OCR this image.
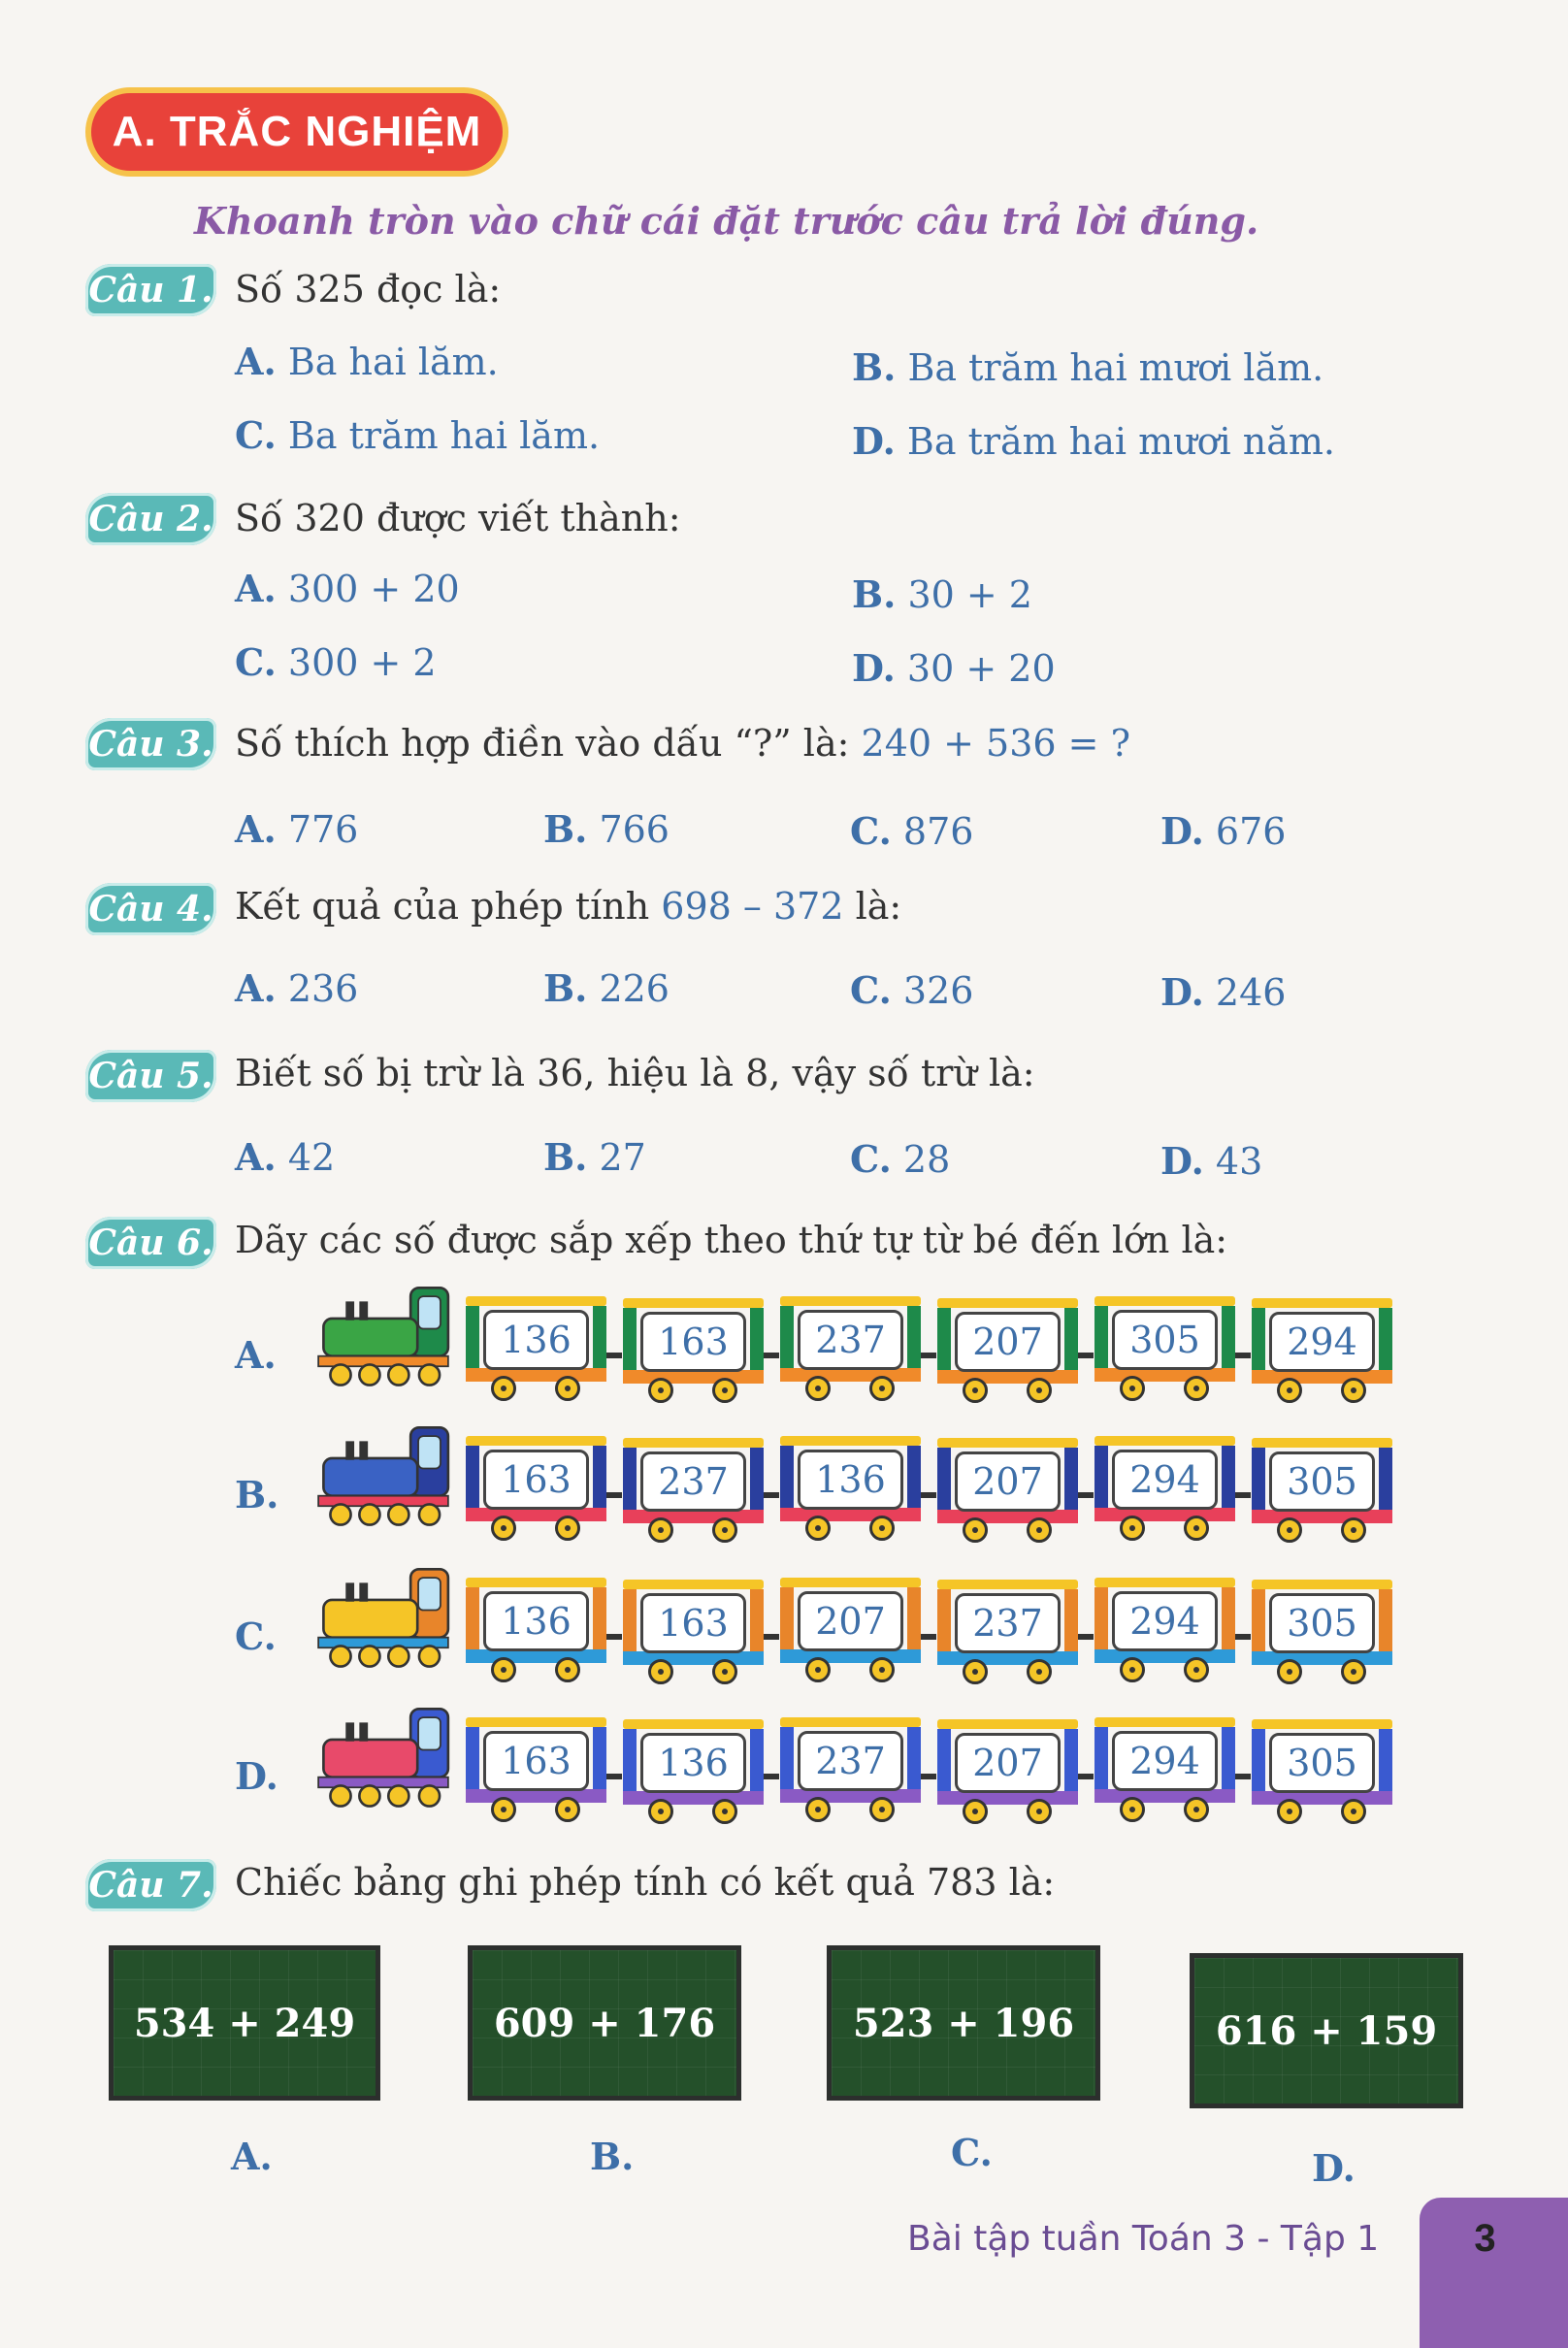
A. TRẮC NGHIỆM
Khoanh tròn vào chữ cái đặt trước câu trả lời đúng.
Câu 1. Số 325 đọc là:
A. Ba hai lăm.	B. Ba trăm hai mươi lăm.
C. Ba trăm hai lăm.	D. Ba trăm hai mươi năm.
Câu 2. Số 320 được viết thành:
A. 300 + 20	B. 30 + 2
C. 300 + 2	D. 30 + 20
Câu 3. Số thích hợp điền vào dấu “?” là: 240 + 536 = ?
A. 776	B. 766	C. 876	D. 676
Câu 4. Kết quả của phép tính 698 – 372 là:
A. 236	B. 226	C. 326	D. 246
Câu 5. Biết số bị trừ là 36, hiệu là 8, vậy số trừ là:
A. 42	B. 27	C. 28	D. 43
Câu 6. Dãy các số được sắp xếp theo thứ tự từ bé đến lớn là:
A.	136	163	237	207	305	294
B.	163	237	136	207	294	305
C.	136	163	207	237	294	305
D.	163	136	237	207	294	305
Câu 7. Chiếc bảng ghi phép tính có kết quả 783 là:
534 + 249	609 + 176	523 + 196	616 + 159
A.	B.	C.	D.
Bài tập tuần Toán 3 - Tập 1	3
